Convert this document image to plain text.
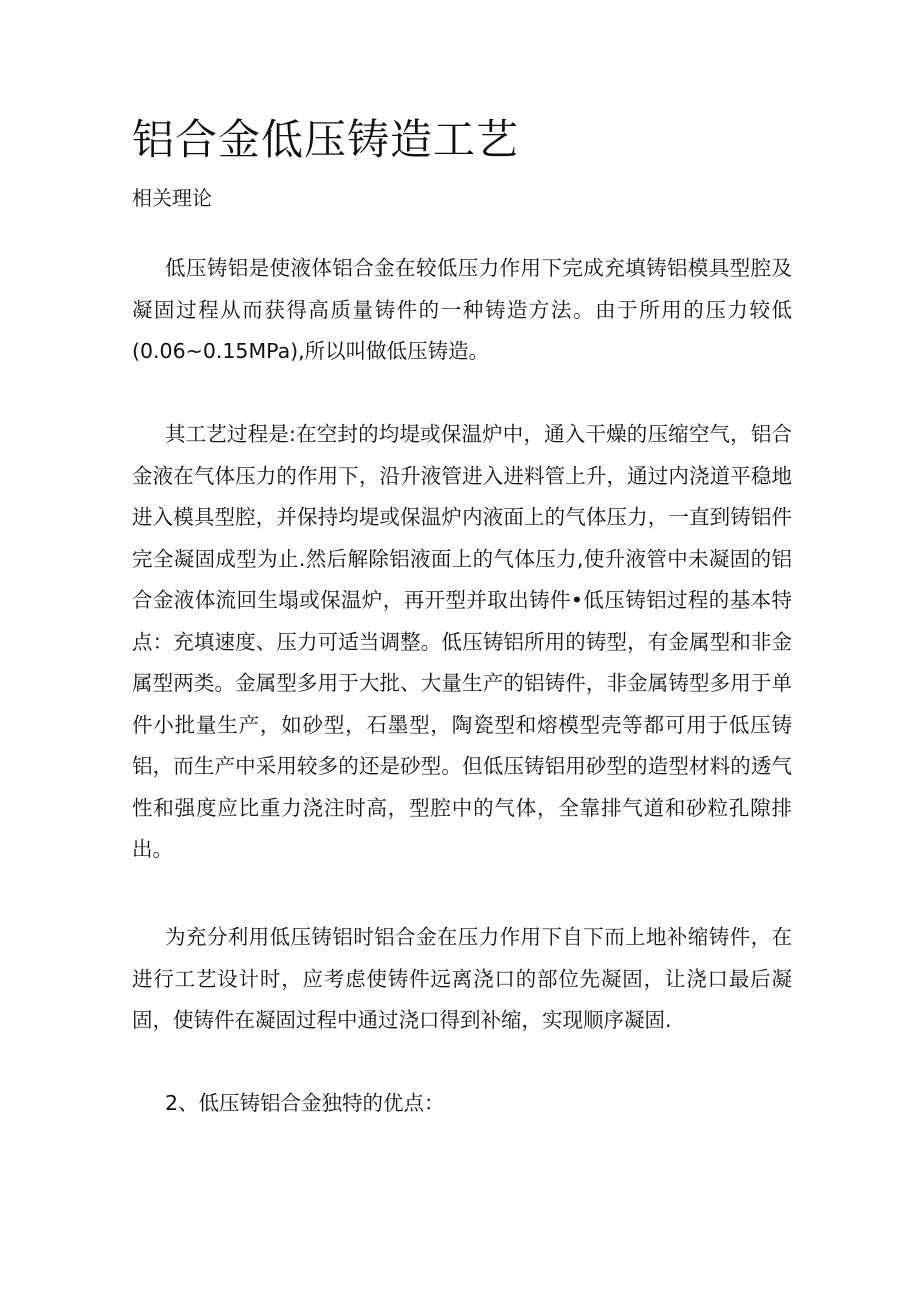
铝合金低压铸造工艺

相关理论

低压铸铝是使液体铝合金在较低压力作用下完成充填铸铝模具型腔及凝固过程从而获得高质量铸件的一种铸造方法。由于所用的压力较低(0.06~0.15MPa),所以叫做低压铸造。

其工艺过程是:在空封的均堤或保温炉中，通入干燥的压缩空气，铝合金液在气体压力的作用下，沿升液管进入进料管上升，通过内浇道平稳地进入模具型腔，并保持均堤或保温炉内液面上的气体压力，一直到铸铝件完全凝固成型为止.然后解除铝液面上的气体压力,使升液管中未凝固的铝合金液体流回生塌或保温炉，再开型并取出铸件•低压铸铝过程的基本特点：充填速度、压力可适当调整。低压铸铝所用的铸型，有金属型和非金属型两类。金属型多用于大批、大量生产的铝铸件，非金属铸型多用于单件小批量生产，如砂型，石墨型，陶瓷型和熔模型壳等都可用于低压铸铝，而生产中采用较多的还是砂型。但低压铸铝用砂型的造型材料的透气性和强度应比重力浇注时高，型腔中的气体，全靠排气道和砂粒孔隙排出。

为充分利用低压铸铝时铝合金在压力作用下自下而上地补缩铸件，在进行工艺设计时，应考虑使铸件远离浇口的部位先凝固，让浇口最后凝固，使铸件在凝固过程中通过浇口得到补缩，实现顺序凝固.

2、低压铸铝合金独特的优点：
